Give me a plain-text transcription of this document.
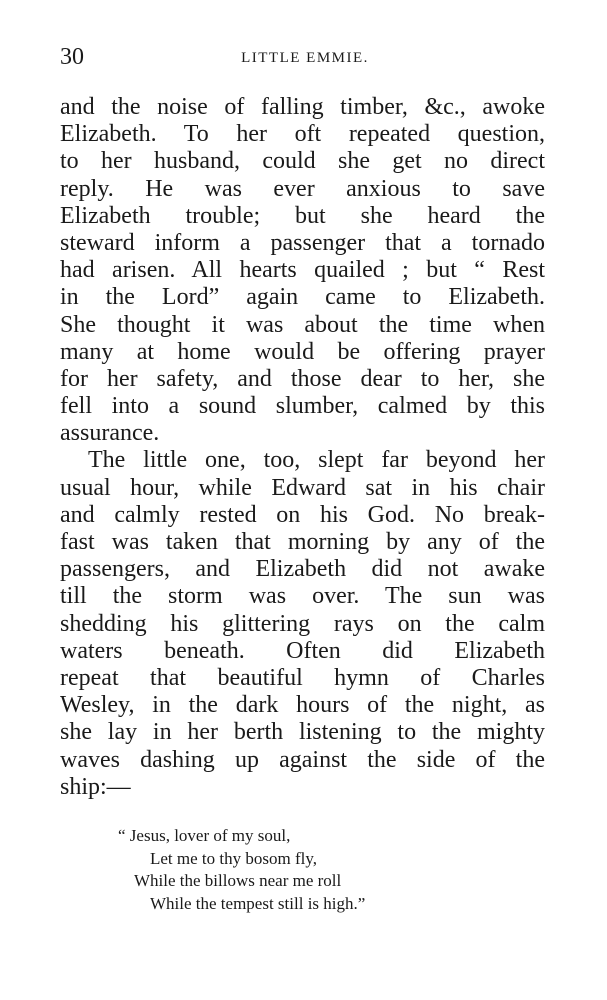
30	LITTLE EMMIE.
and the noise of falling timber, &c., awoke
Elizabeth. To her oft repeated question,
to her husband, could she get no direct
reply. He was ever anxious to save
Elizabeth trouble; but she heard the
steward inform a passenger that a tornado
had arisen. All hearts quailed ; but “ Rest
in the Lord” again came to Elizabeth.
She thought it was about the time when
many at home would be offering prayer
for her safety, and those dear to her, she
fell into a sound slumber, calmed by this
assurance.
The little one, too, slept far beyond her
usual hour, while Edward sat in his chair
and calmly rested on his God. No break-
fast was taken that morning by any of the
passengers, and Elizabeth did not awake
till the storm was over. The sun was
shedding his glittering rays on the calm
waters beneath. Often did Elizabeth
repeat that beautiful hymn of Charles
Wesley, in the dark hours of the night, as
she lay in her berth listening to the mighty
waves dashing up against the side of the
ship:—
“ Jesus, lover of my soul,
Let me to thy bosom fly,
While the billows near me roll
While the tempest still is high.”
